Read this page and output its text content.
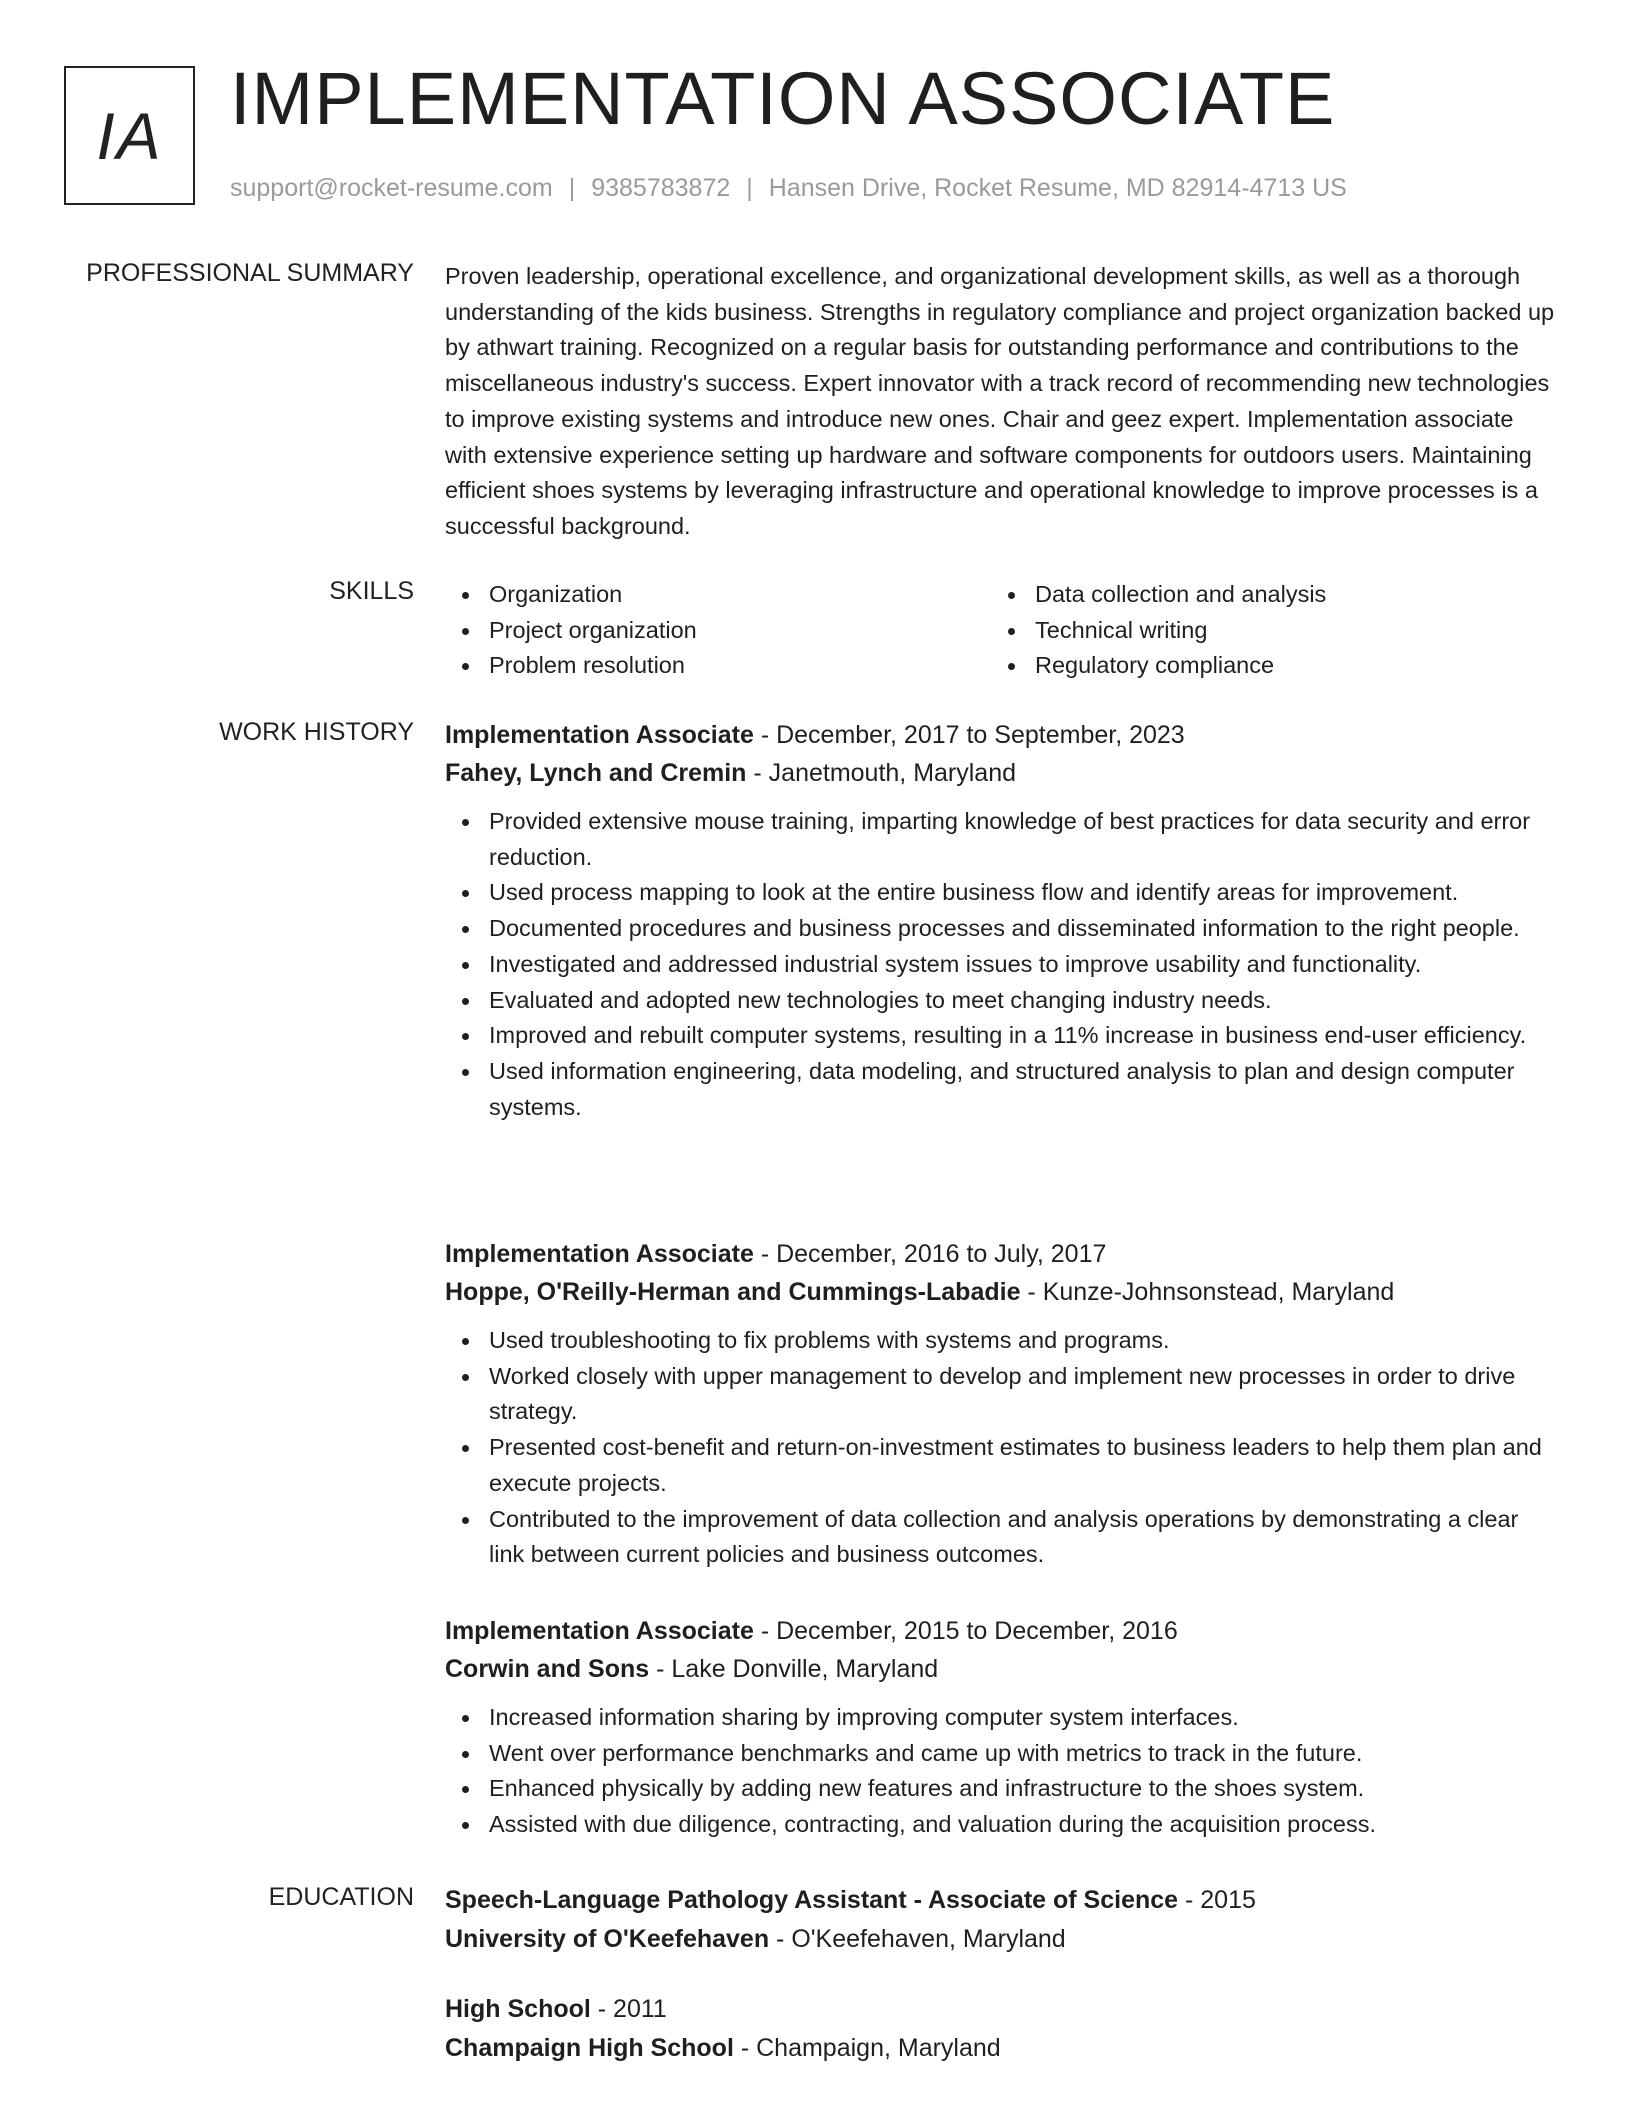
IA IMPLEMENTATION ASSOCIATE
support@rocket-resume.com | 9385783872 | Hansen Drive, Rocket Resume, MD 82914-4713 US
PROFESSIONAL SUMMARY Proven leadership, operational excellence, and organizational development skills, as well as a thorough understanding of the kids business. Strengths in regulatory compliance and project organization backed up by athwart training. Recognized on a regular basis for outstanding performance and contributions to the miscellaneous industry's success. Expert innovator with a track record of recommending new technologies to improve existing systems and introduce new ones. Chair and geez expert. Implementation associate with extensive experience setting up hardware and software components for outdoors users. Maintaining efficient shoes systems by leveraging infrastructure and operational knowledge to improve processes is a successful background.

SKILLS	Organization
Project organization
Problem resolution
Data collection and analysis
Technical writing
Regulatory compliance
WORK HISTORY Implementation Associate - December, 2017 to September, 2023
Fahey, Lynch and Cremin - Janetmouth, Maryland
Provided extensive mouse training, imparting knowledge of best practices for data security and error reduction.
Used process mapping to look at the entire business flow and identify areas for improvement.
Documented procedures and business processes and disseminated information to the right people.
Investigated and addressed industrial system issues to improve usability and functionality.
Evaluated and adopted new technologies to meet changing industry needs.
Improved and rebuilt computer systems, resulting in a 11% increase in business end-user efficiency.
Used information engineering, data modeling, and structured analysis to plan and design computer systems.
Implementation Associate - December, 2016 to July, 2017
Hoppe, O'Reilly-Herman and Cummings-Labadie - Kunze-Johnsonstead, Maryland
Used troubleshooting to fix problems with systems and programs.
Worked closely with upper management to develop and implement new processes in order to drive strategy.
Presented cost-benefit and return-on-investment estimates to business leaders to help them plan and execute projects.
Contributed to the improvement of data collection and analysis operations by demonstrating a clear link between current policies and business outcomes.
Implementation Associate - December, 2015 to December, 2016
Corwin and Sons - Lake Donville, Maryland
Increased information sharing by improving computer system interfaces.
Went over performance benchmarks and came up with metrics to track in the future.
Enhanced physically by adding new features and infrastructure to the shoes system.
Assisted with due diligence, contracting, and valuation during the acquisition process.
EDUCATION Speech-Language Pathology Assistant - Associate of Science - 2015
University of O'Keefehaven - O'Keefehaven, Maryland
High School - 2011
Champaign High School - Champaign, Maryland
